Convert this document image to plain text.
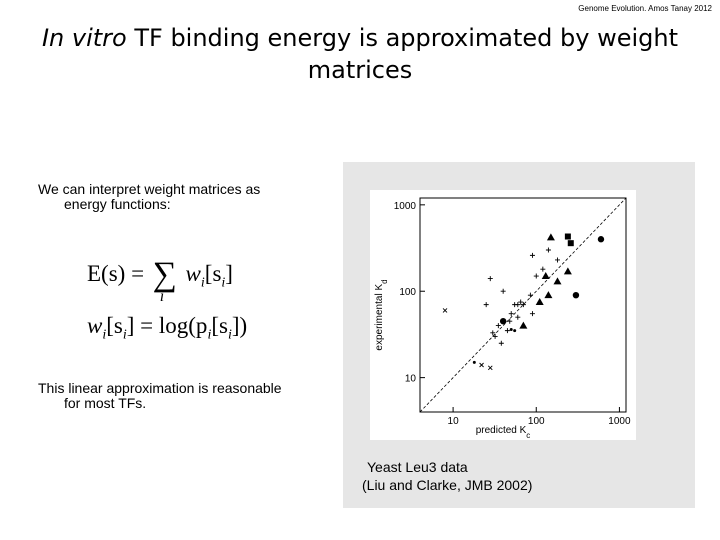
Genome Evolution. Amos Tanay 2012
In vitro TF binding energy is approximated by weight
matrices
We can interpret weight matrices as
energy functions:
E(s) = ∑
i
$w_i[s_i]$
$w_i[s_i] = \log(p_i[s_i])$
This linear approximation is reasonable
for most TFs.
10	100	1000
10
100
1000
predicted $K_c$
experimental $K_d$
Yeast Leu3 data
(Liu and Clarke, JMB 2002)
